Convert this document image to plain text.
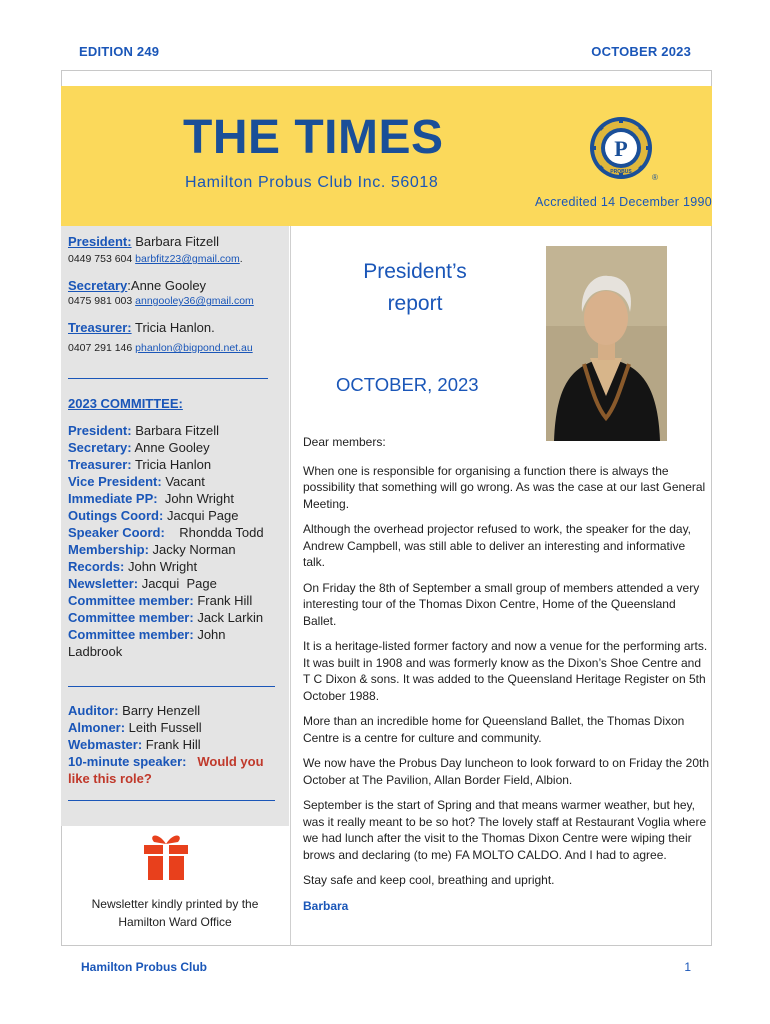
EDITION 249	OCTOBER 2023
THE TIMES
Hamilton Probus Club Inc. 56018
Accredited 14 December 1990
P
PROBUS
®
President: Barbara Fitzell
0449 753 604 barbfitz23@gmail.com.
Secretary:Anne Gooley
0475 981 003 anngooley36@gmail.com
Treasurer: Tricia Hanlon.
0407 291 146 phanlon@bigpond.net.au
2023 COMMITTEE:
President: Barbara Fitzell
Secretary: Anne Gooley
Treasurer: Tricia Hanlon
Vice President: Vacant
Immediate PP:  John Wright
Outings Coord: Jacqui Page
Speaker Coord:    Rhondda Todd
Membership: Jacky Norman
Records: John Wright
Newsletter: Jacqui  Page
Committee member: Frank Hill
Committee member: Jack Larkin
Committee member: John
Ladbrook
Auditor: Barry Henzell
Almoner: Leith Fussell
Webmaster: Frank Hill
10-minute speaker: Would you
like this role?
Newsletter kindly printed by the
Hamilton Ward Office
President’s
report
OCTOBER, 2023

Dear members:

When one is responsible for organising a function there is always the possibility that something will go wrong. As was the case at our last General Meeting.

Although the overhead projector refused to work, the speaker for the day, Andrew Campbell, was still able to deliver an interesting and informative talk.

On Friday the 8th of September a small group of members attended a very interesting tour of the Thomas Dixon Centre, Home of the Queensland Ballet.

It is a heritage-listed former factory and now a venue for the performing arts. It was built in 1908 and was formerly know as the Dixon’s Shoe Centre and T C Dixon & sons. It was added to the Queensland Heritage Register on 5th October 1988.

More than an incredible home for Queensland Ballet, the Thomas Dixon Centre is a centre for culture and community.

We now have the Probus Day luncheon to look forward to on Friday the 20th October at The Pavilion, Allan Border Field, Albion.

September is the start of Spring and that means warmer weather, but hey, was it really meant to be so hot? The lovely staff at Restaurant Voglia where we had lunch after the visit to the Thomas Dixon Centre were wiping their brows and declaring (to me) FA MOLTO CALDO. And I had to agree.

Stay safe and keep cool, breathing and upright.

Barbara

Hamilton Probus Club	1
